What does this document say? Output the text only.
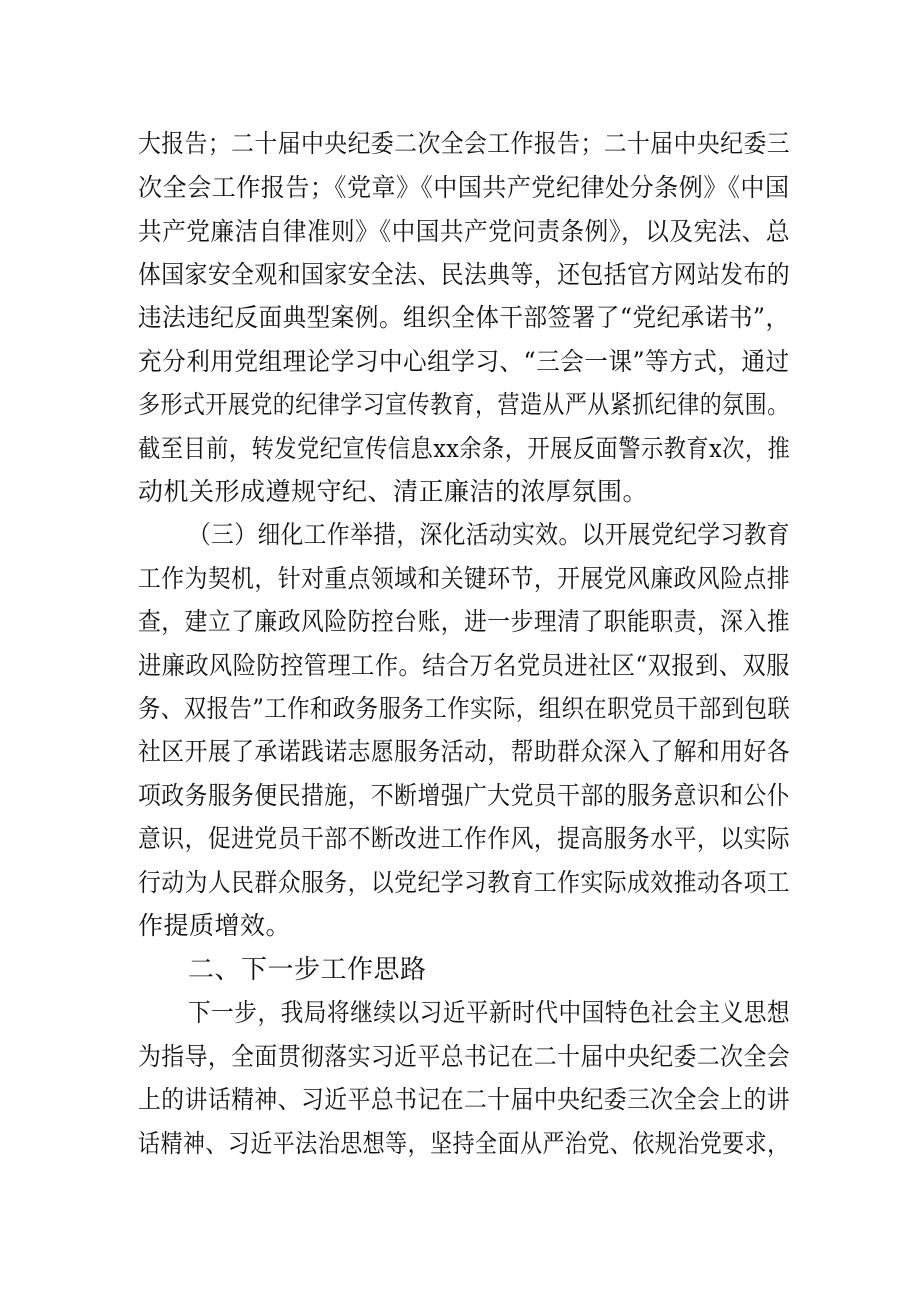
大报告；二十届中央纪委二次全会工作报告；二十届中央纪委三
次全会工作报告；《党章》《中国共产党纪律处分条例》《中国
共产党廉洁自律准则》《中国共产党问责条例》，以及宪法、总
体国家安全观和国家安全法、民法典等，还包括官方网站发布的
违法违纪反面典型案例。组织全体干部签署了“党纪承诺书”，
充分利用党组理论学习中心组学习、“三会一课”等方式，通过
多形式开展党的纪律学习宣传教育，营造从严从紧抓纪律的氛围。
截至目前，转发党纪宣传信息xx余条，开展反面警示教育x次，推
动机关形成遵规守纪、清正廉洁的浓厚氛围。
（三）细化工作举措，深化活动实效。以开展党纪学习教育
工作为契机，针对重点领域和关键环节，开展党风廉政风险点排
查，建立了廉政风险防控台账，进一步理清了职能职责，深入推
进廉政风险防控管理工作。结合万名党员进社区“双报到、双服
务、双报告”工作和政务服务工作实际，组织在职党员干部到包联
社区开展了承诺践诺志愿服务活动，帮助群众深入了解和用好各
项政务服务便民措施，不断增强广大党员干部的服务意识和公仆
意识，促进党员干部不断改进工作作风，提高服务水平，以实际
行动为人民群众服务，以党纪学习教育工作实际成效推动各项工
作提质增效。
二、下一步工作思路
下一步，我局将继续以习近平新时代中国特色社会主义思想
为指导，全面贯彻落实习近平总书记在二十届中央纪委二次全会
上的讲话精神、习近平总书记在二十届中央纪委三次全会上的讲
话精神、习近平法治思想等，坚持全面从严治党、依规治党要求，
